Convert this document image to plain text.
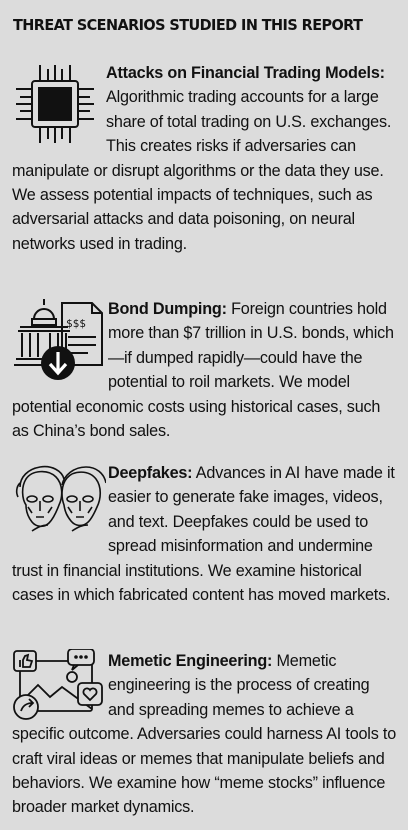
THREAT SCENARIOS STUDIED IN THIS REPORT

Attacks on Financial Trading Models: Algorithmic trading accounts for a large share of total trading on U.S. exchanges. This creates risks if adversaries can manipulate or disrupt algorithms or the data they use. We assess potential impacts of techniques, such as adversarial attacks and data poisoning, on neural networks used in trading.

$$$

Bond Dumping: Foreign countries hold more than $7 trillion in U.S. bonds, which—if dumped rapidly—could have the potential to roil markets. We model potential economic costs using historical cases, such as China’s bond sales.

Deepfakes: Advances in AI have made it easier to generate fake images, videos, and text. Deepfakes could be used to spread misinformation and undermine trust in financial institutions. We examine historical cases in which fabricated content has moved markets.

Memetic Engineering: Memetic engineering is the process of creating and spreading memes to achieve a specific outcome. Adversaries could harness AI tools to craft viral ideas or memes that manipulate beliefs and behaviors. We examine how “meme stocks” influence broader market dynamics.
